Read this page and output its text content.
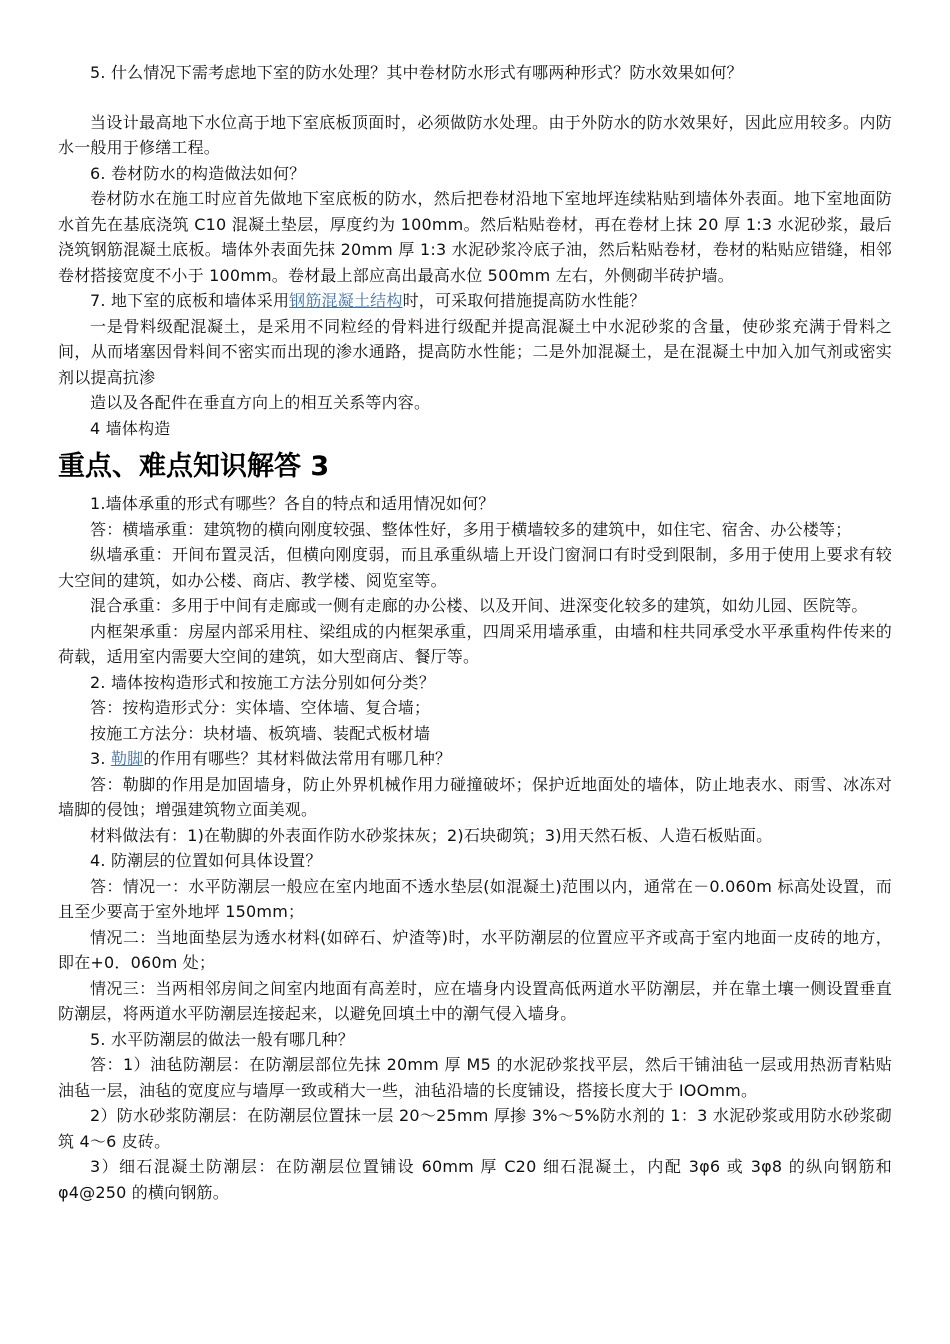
5. 什么情况下需考虑地下室的防水处理？其中卷材防水形式有哪两种形式？防水效果如何？

当设计最高地下水位高于地下室底板顶面时，必须做防水处理。由于外防水的防水效果好，因此应用较多。内防水一般用于修缮工程。

6. 卷材防水的构造做法如何？

卷材防水在施工时应首先做地下室底板的防水，然后把卷材沿地下室地坪连续粘贴到墙体外表面。地下室地面防水首先在基底浇筑 C10 混凝土垫层，厚度约为 100mm。然后粘贴卷材，再在卷材上抹 20 厚 1:3 水泥砂浆，最后浇筑钢筋混凝土底板。墙体外表面先抹 20mm 厚 1:3 水泥砂浆冷底子油，然后粘贴卷材，卷材的粘贴应错缝，相邻卷材搭接宽度不小于 100mm。卷材最上部应高出最高水位 500mm 左右，外侧砌半砖护墙。

7. 地下室的底板和墙体采用钢筋混凝土结构时，可采取何措施提高防水性能？

一是骨料级配混凝土，是采用不同粒经的骨料进行级配并提高混凝土中水泥砂浆的含量，使砂浆充满于骨料之间，从而堵塞因骨料间不密实而出现的渗水通路，提高防水性能；二是外加混凝土，是在混凝土中加入加气剂或密实剂以提高抗渗

造以及各配件在垂直方向上的相互关系等内容。

4 墙体构造

重点、难点知识解答 3

1.墙体承重的形式有哪些？各自的特点和适用情况如何？

答：横墙承重：建筑物的横向刚度较强、整体性好，多用于横墙较多的建筑中，如住宅、宿舍、办公楼等；

纵墙承重：开间布置灵活，但横向刚度弱，而且承重纵墙上开设门窗洞口有时受到限制，多用于使用上要求有较大空间的建筑，如办公楼、商店、教学楼、阅览室等。

混合承重：多用于中间有走廊或一侧有走廊的办公楼、以及开间、进深变化较多的建筑，如幼儿园、医院等。

内框架承重：房屋内部采用柱、梁组成的内框架承重，四周采用墙承重，由墙和柱共同承受水平承重构件传来的荷载，适用室内需要大空间的建筑，如大型商店、餐厅等。

2. 墙体按构造形式和按施工方法分别如何分类？

答：按构造形式分：实体墙、空体墙、复合墙；

按施工方法分：块材墙、板筑墙、装配式板材墙

3. 勒脚的作用有哪些？其材料做法常用有哪几种？

答：勒脚的作用是加固墙身，防止外界机械作用力碰撞破坏；保护近地面处的墙体，防止地表水、雨雪、冰冻对墙脚的侵蚀；增强建筑物立面美观。

材料做法有：1)在勒脚的外表面作防水砂浆抹灰；2)石块砌筑；3)用天然石板、人造石板贴面。

4. 防潮层的位置如何具体设置？

答：情况一：水平防潮层一般应在室内地面不透水垫层(如混凝土)范围以内，通常在－0.060m 标高处设置，而且至少要高于室外地坪 150mm；

情况二：当地面垫层为透水材料(如碎石、炉渣等)时，水平防潮层的位置应平齐或高于室内地面一皮砖的地方，即在+0．060m 处；

情况三：当两相邻房间之间室内地面有高差时，应在墙身内设置高低两道水平防潮层，并在靠土壤一侧设置垂直防潮层，将两道水平防潮层连接起来，以避免回填土中的潮气侵入墙身。

5. 水平防潮层的做法一般有哪几种？

答：1）油毡防潮层：在防潮层部位先抹 20mm 厚 M5 的水泥砂浆找平层，然后干铺油毡一层或用热沥青粘贴油毡一层，油毡的宽度应与墙厚一致或稍大一些，油毡沿墙的长度铺设，搭接长度大于 IOOmm。

2）防水砂浆防潮层：在防潮层位置抹一层 20～25mm 厚掺 3%～5%防水剂的 1：3 水泥砂浆或用防水砂浆砌筑 4～6 皮砖。

3）细石混凝土防潮层：在防潮层位置铺设 60mm 厚 C20 细石混凝土，内配 3φ6 或 3φ8 的纵向钢筋和 φ4@250 的横向钢筋。
